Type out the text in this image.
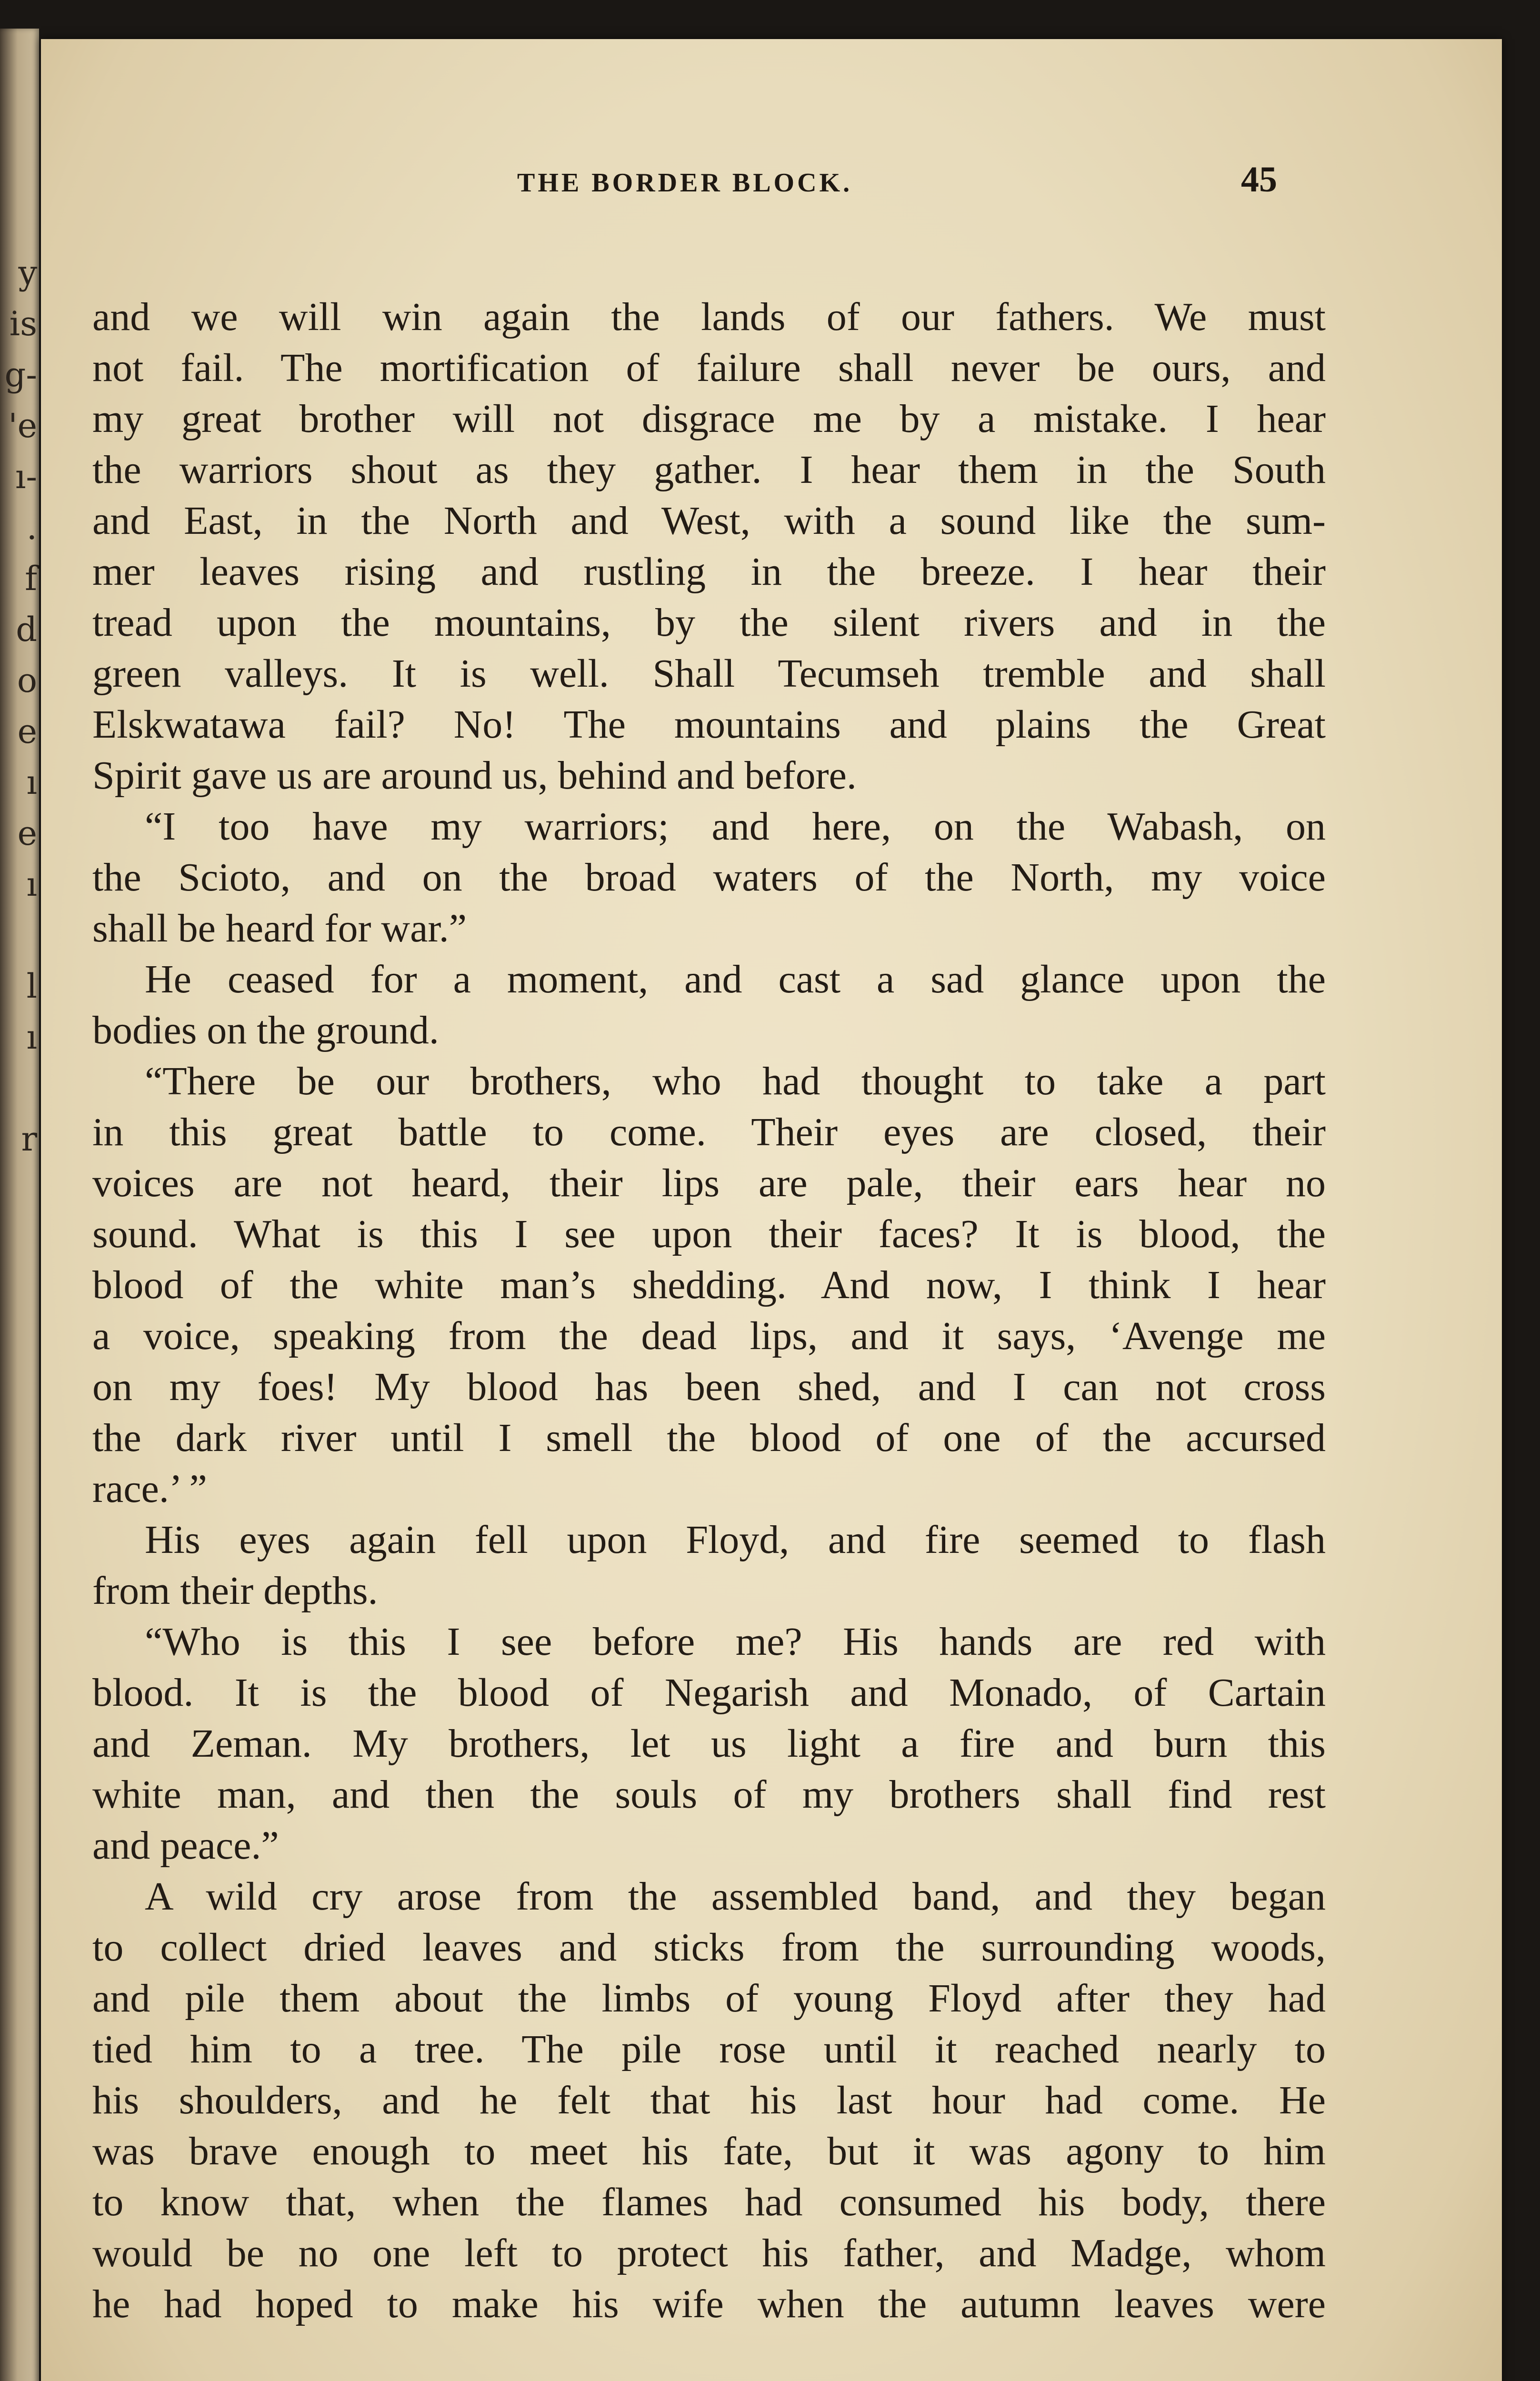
y
is
g-
'e
ı-
.
f
d
o
e
ı
e
ı
l
ı
r
THE BORDER BLOCK.	45
and we will win again the lands of our fathers. We must
not fail. The mortification of failure shall never be ours, and
my great brother will not disgrace me by a mistake. I hear
the warriors shout as they gather. I hear them in the South
and East, in the North and West, with a sound like the sum-
mer leaves rising and rustling in the breeze. I hear their
tread upon the mountains, by the silent rivers and in the
green valleys. It is well. Shall Tecumseh tremble and shall
Elskwatawa fail? No! The mountains and plains the Great
Spirit gave us are around us, behind and before.
“I too have my warriors; and here, on the Wabash, on
the Scioto, and on the broad waters of the North, my voice
shall be heard for war.”
He ceased for a moment, and cast a sad glance upon the
bodies on the ground.
“There be our brothers, who had thought to take a part
in this great battle to come. Their eyes are closed, their
voices are not heard, their lips are pale, their ears hear no
sound. What is this I see upon their faces? It is blood, the
blood of the white man’s shedding. And now, I think I hear
a voice, speaking from the dead lips, and it says, ‘Avenge me
on my foes! My blood has been shed, and I can not cross
the dark river until I smell the blood of one of the accursed
race.’ ”
His eyes again fell upon Floyd, and fire seemed to flash
from their depths.
“Who is this I see before me? His hands are red with
blood. It is the blood of Negarish and Monado, of Cartain
and Zeman. My brothers, let us light a fire and burn this
white man, and then the souls of my brothers shall find rest
and peace.”
A wild cry arose from the assembled band, and they began
to collect dried leaves and sticks from the surrounding woods,
and pile them about the limbs of young Floyd after they had
tied him to a tree. The pile rose until it reached nearly to
his shoulders, and he felt that his last hour had come. He
was brave enough to meet his fate, but it was agony to him
to know that, when the flames had consumed his body, there
would be no one left to protect his father, and Madge, whom
he had hoped to make his wife when the autumn leaves were
